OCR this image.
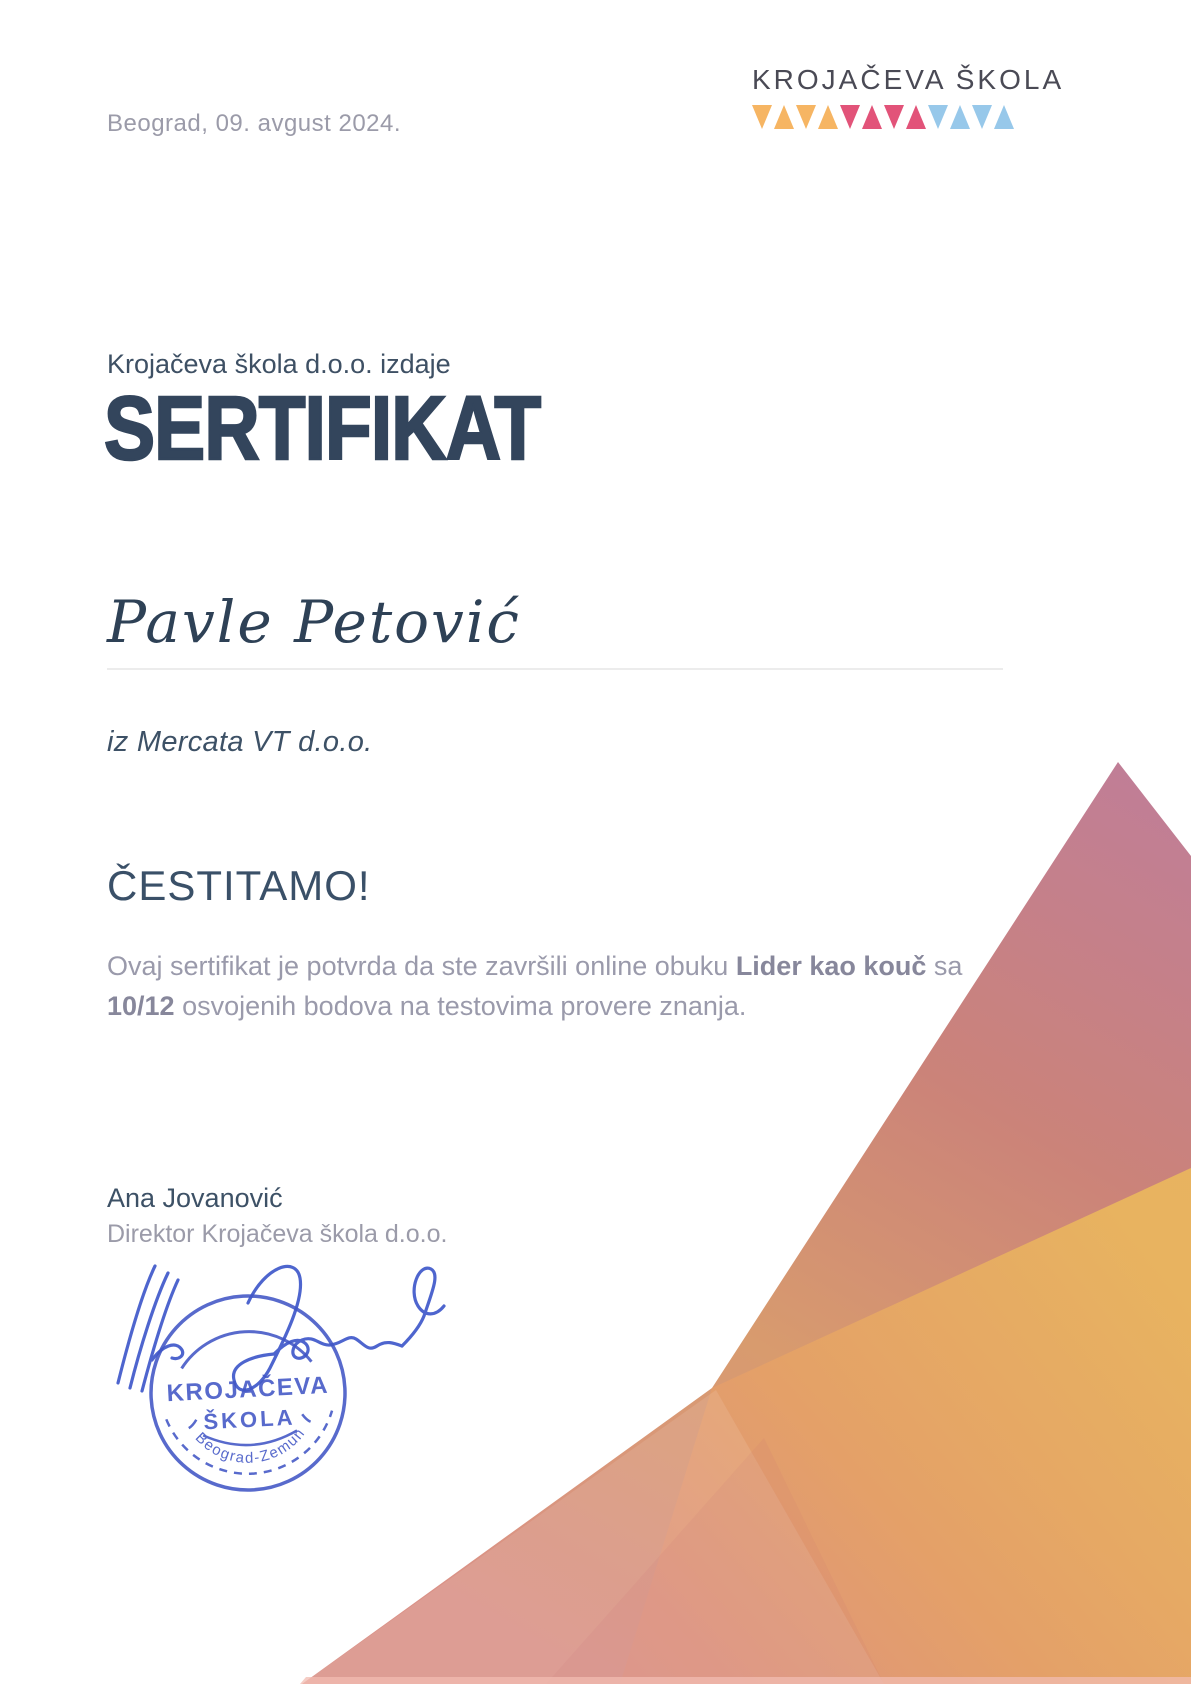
Beograd, 09. avgust 2024.
KROJAČEVA ŠKOLA
Krojačeva škola d.o.o. izdaje
SERTIFIKAT
Pavle Petović
iz Mercata VT d.o.o.
ČESTITAMO!
Ovaj sertifikat je potvrda da ste završili online obuku Lider kao kouč sa
10/12 osvojenih bodova na testovima provere znanja.
Ana Jovanović
Direktor Krojačeva škola d.o.o.
KROJAČEVA
ŠKOLA
Beograd-Zemun
